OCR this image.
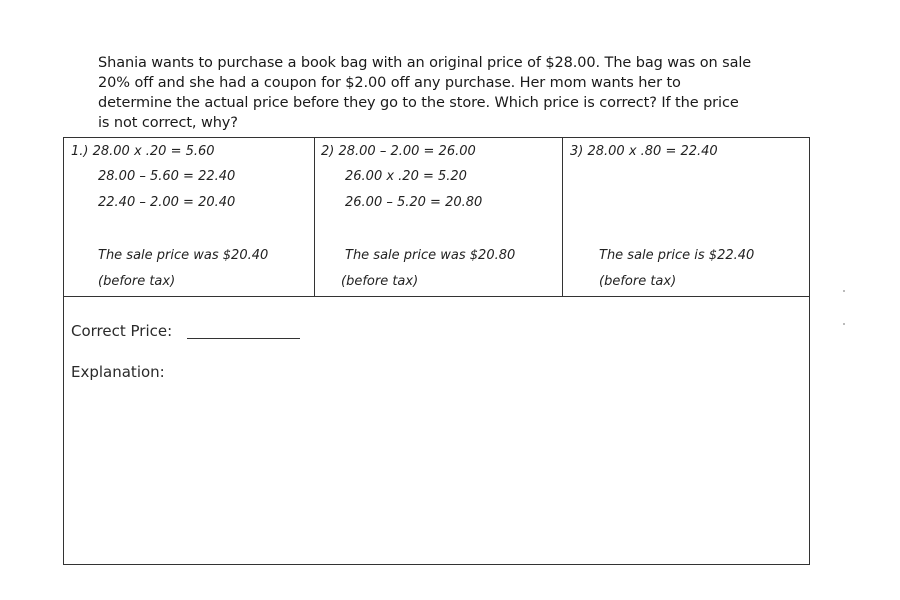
Shania wants to purchase a book bag with an original price of $28.00. The bag was on sale
20% off and she had a coupon for $2.00 off any purchase. Her mom wants her to
determine the actual price before they go to the store. Which price is correct? If the price
is not correct, why?
1.) 28.00 x .20 = 5.60
28.00 – 5.60 = 22.40
22.40 – 2.00 = 20.40
The sale price was $20.40
(before tax)
2) 28.00 – 2.00 = 26.00
26.00 x .20 = 5.20
26.00 – 5.20 = 20.80
The sale price was $20.80
(before tax)
3) 28.00 x .80 = 22.40
The sale price is $22.40
(before tax)
Correct Price:
Explanation:
